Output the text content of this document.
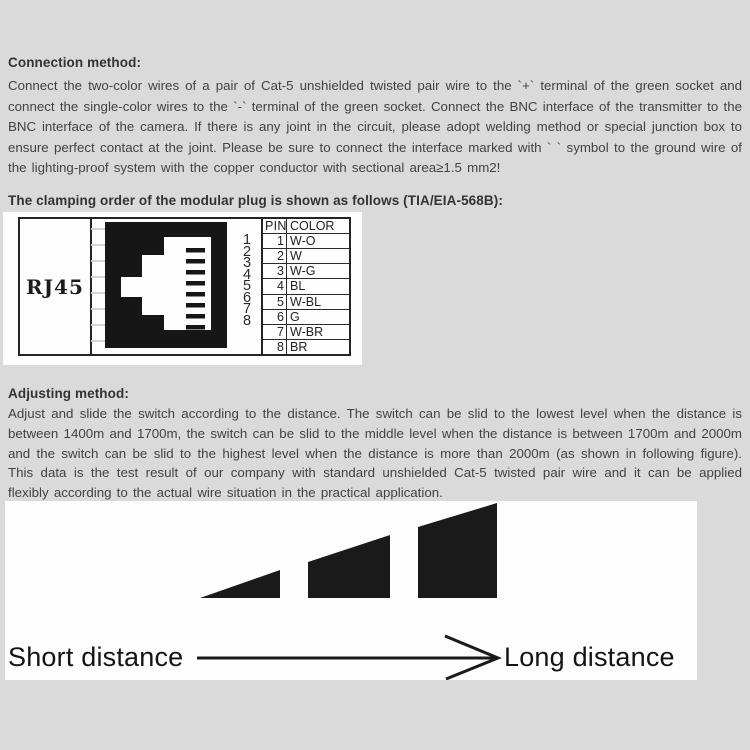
Connection method:
Connect the two-color wires of a pair of Cat-5 unshielded twisted pair wire to the `+` terminal of the green socket and connect the single-color wires to the `-` terminal of the green socket. Connect the BNC interface of the transmitter to the BNC interface of the camera. If there is any joint in the circuit, please adopt welding method or special junction box to ensure perfect contact at the joint. Please be sure to connect the interface marked with ` ` symbol to the ground wire of the lighting-proof system with the copper conductor with sectional area≥1.5 mm2!
The clamping order of the modular plug is shown as follows (TIA/EIA-568B):
RJ45
1
2
3
4
5
6
7
8
PIN COLOR
1 W-O
2 W
3 W-G
4 BL
5 W-BL
6 G
7 W-BR
8 BR
Adjusting method:
Adjust and slide the switch according to the distance. The switch can be slid to the lowest level when the distance is between 1400m and 1700m, the switch can be slid to the middle level when the distance is between 1700m and 2000m and the switch can be slid to the highest level when the distance is more than 2000m (as shown in following figure). This data is the test result of our company with standard unshielded Cat-5 twisted pair wire and it can be applied flexibly according to the actual wire situation in the practical application.
Short distance	Long distance
